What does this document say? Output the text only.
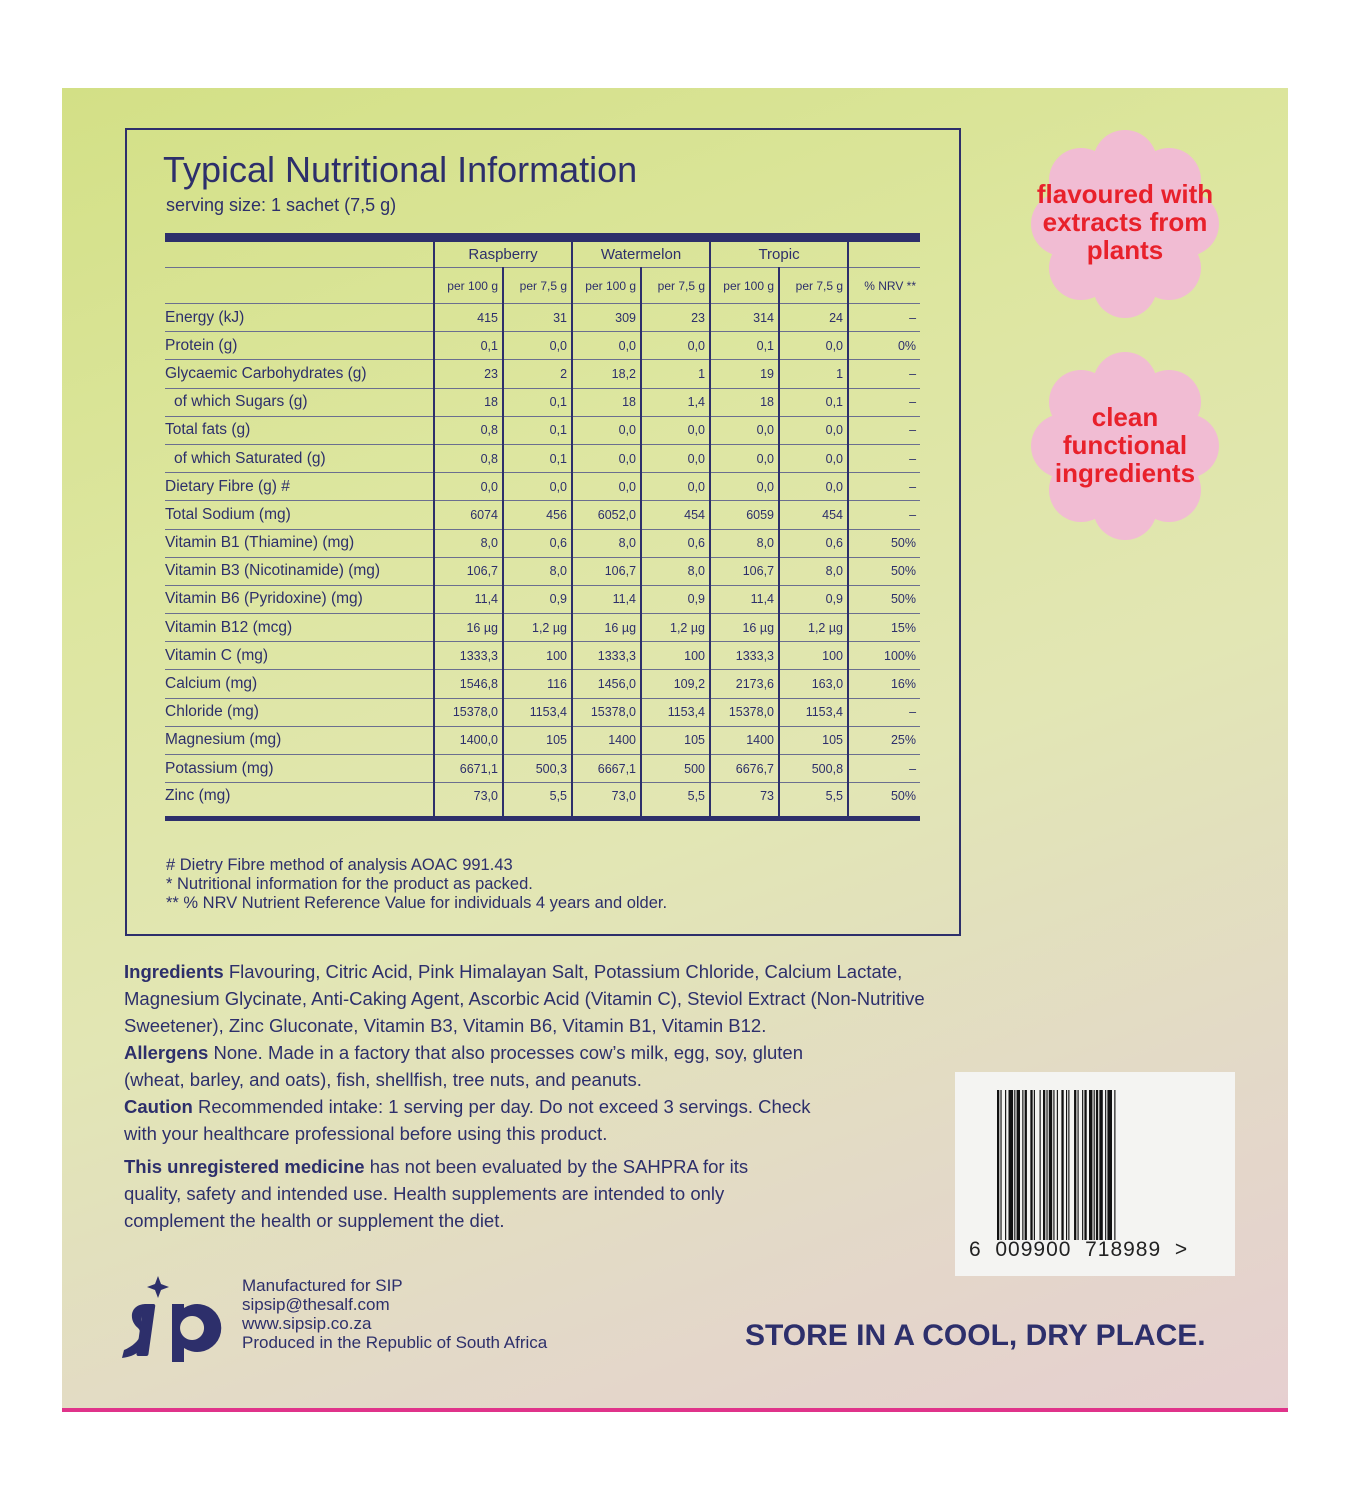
Typical Nutritional Information
serving size: 1 sachet (7,5 g)
	Raspberry		Watermelon		Tropic		
	per 100 g	per 7,5 g	per 100 g	per 7,5 g	per 100 g	per 7,5 g	% NRV **
Energy (kJ)	415	31	309	23	314	24	–
Protein (g)	0,1	0,0	0,0	0,0	0,1	0,0	0%
Glycaemic Carbohydrates (g)	23	2	18,2	1	19	1	–
of which Sugars (g)	18	0,1	18	1,4	18	0,1	–
Total fats (g)	0,8	0,1	0,0	0,0	0,0	0,0	–
of which Saturated (g)	0,8	0,1	0,0	0,0	0,0	0,0	–
Dietary Fibre (g) #	0,0	0,0	0,0	0,0	0,0	0,0	–
Total Sodium (mg)	6074	456	6052,0	454	6059	454	–
Vitamin B1 (Thiamine) (mg)	8,0	0,6	8,0	0,6	8,0	0,6	50%
Vitamin B3 (Nicotinamide) (mg)	106,7	8,0	106,7	8,0	106,7	8,0	50%
Vitamin B6 (Pyridoxine) (mg)	11,4	0,9	11,4	0,9	11,4	0,9	50%
Vitamin B12 (mcg)	16 µg	1,2 µg	16 µg	1,2 µg	16 µg	1,2 µg	15%
Vitamin C (mg)	1333,3	100	1333,3	100	1333,3	100	100%
Calcium (mg)	1546,8	116	1456,0	109,2	2173,6	163,0	16%
Chloride (mg)	15378,0	1153,4	15378,0	1153,4	15378,0	1153,4	–
Magnesium (mg)	1400,0	105	1400	105	1400	105	25%
Potassium (mg)	6671,1	500,3	6667,1	500	6676,7	500,8	–
Zinc (mg)	73,0	5,5	73,0	5,5	73	5,5	50%
# Dietry Fibre method of analysis AOAC 991.43
* Nutritional information for the product as packed.
** % NRV Nutrient Reference Value for individuals 4 years and older.

Ingredients Flavouring, Citric Acid, Pink Himalayan Salt, Potassium Chloride, Calcium Lactate, Magnesium Glycinate, Anti-Caking Agent, Ascorbic Acid (Vitamin C), Steviol Extract (Non-Nutritive Sweetener), Zinc Gluconate, Vitamin B3, Vitamin B6, Vitamin B1, Vitamin B12.

Allergens None. Made in a factory that also processes cow’s milk, egg, soy, gluten (wheat, barley, and oats), fish, shellfish, tree nuts, and peanuts.

Caution Recommended intake: 1 serving per day. Do not exceed 3 servings. Check with your healthcare professional before using this product.

This unregistered medicine has not been evaluated by the SAHPRA for its quality, safety and intended use. Health supplements are intended to only complement the health or supplement the diet.

flavoured with extracts from plants
clean functional ingredients
6  009900  718989  >
Manufactured for SIP
sipsip@thesalf.com
www.sipsip.co.za
Produced in the Republic of South Africa	STORE IN A COOL, DRY PLACE.
